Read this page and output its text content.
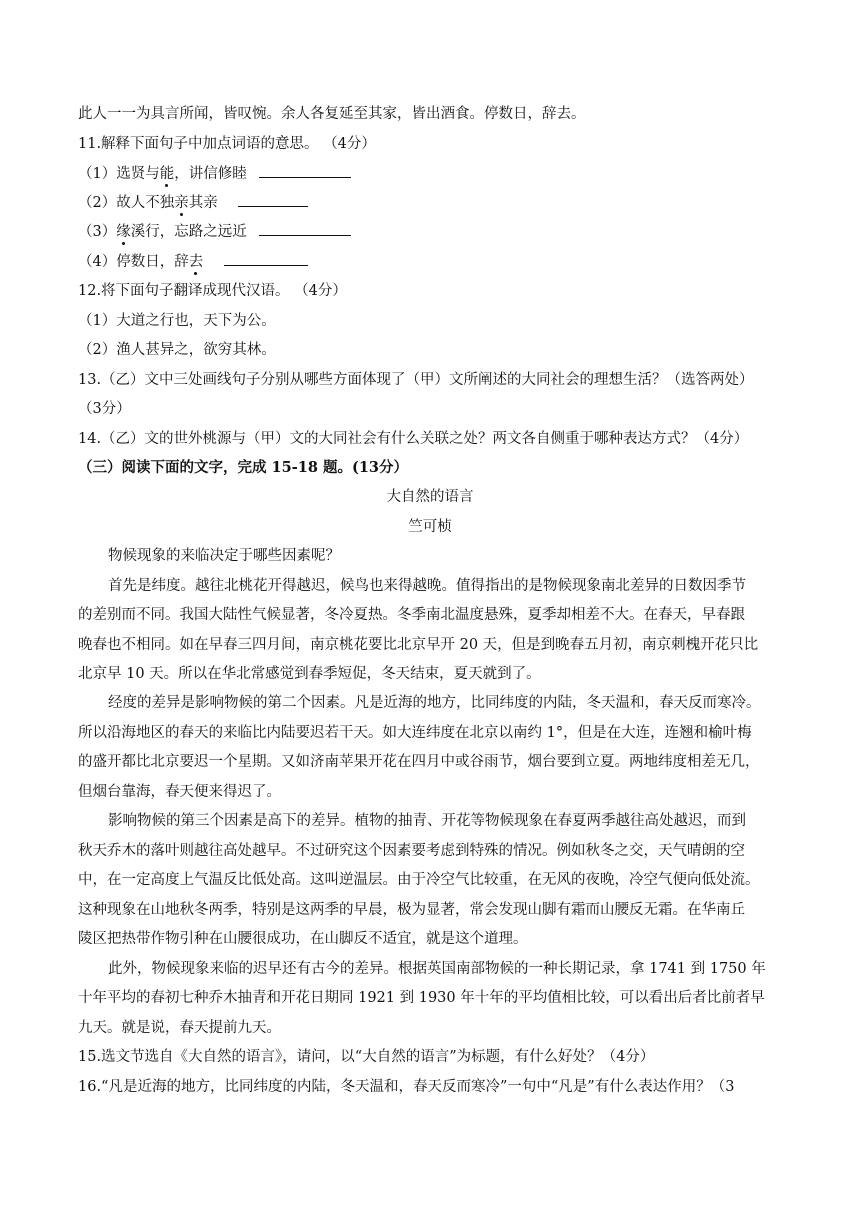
此人一一为具言所闻，皆叹惋。余人各复延至其家，皆出酒食。停数日，辞去。
11.解释下面句子中加点词语的意思。 （4分）
（1）选贤与能，讲信修睦
（2）故人不独亲其亲
（3）缘溪行，忘路之远近
（4）停数日，辞去
12.将下面句子翻译成现代汉语。 （4分）
（1）大道之行也，天下为公。
（2）渔人甚异之，欲穷其林。
13.（乙）文中三处画线句子分别从哪些方面体现了（甲）文所阐述的大同社会的理想生活？（选答两处）
（3分）
14.（乙）文的世外桃源与（甲）文的大同社会有什么关联之处？两文各自侧重于哪种表达方式？（4分）
（三）阅读下面的文字，完成 15-18 题。(13分）
大自然的语言
竺可桢
物候现象的来临决定于哪些因素呢？
首先是纬度。越往北桃花开得越迟，候鸟也来得越晚。值得指出的是物候现象南北差异的日数因季节
的差别而不同。我国大陆性气候显著，冬冷夏热。冬季南北温度悬殊，夏季却相差不大。在春天，早春跟
晚春也不相同。如在早春三四月间，南京桃花要比北京早开 20 天，但是到晚春五月初，南京刺槐开花只比
北京早 10 天。所以在华北常感觉到春季短促，冬天结束，夏天就到了。
经度的差异是影响物候的第二个因素。凡是近海的地方，比同纬度的内陆，冬天温和，春天反而寒冷。
所以沿海地区的春天的来临比内陆要迟若干天。如大连纬度在北京以南约 1°，但是在大连，连翘和榆叶梅
的盛开都比北京要迟一个星期。又如济南苹果开花在四月中或谷雨节，烟台要到立夏。两地纬度相差无几，
但烟台靠海，春天便来得迟了。
影响物候的第三个因素是高下的差异。植物的抽青、开花等物候现象在春夏两季越往高处越迟，而到
秋天乔木的落叶则越往高处越早。不过研究这个因素要考虑到特殊的情况。例如秋冬之交，天气晴朗的空
中，在一定高度上气温反比低处高。这叫逆温层。由于冷空气比较重，在无风的夜晚，冷空气便向低处流。
这种现象在山地秋冬两季，特别是这两季的早晨，极为显著，常会发现山脚有霜而山腰反无霜。在华南丘
陵区把热带作物引种在山腰很成功，在山脚反不适宜，就是这个道理。
此外，物候现象来临的迟早还有古今的差异。根据英国南部物候的一种长期记录，拿 1741 到 1750 年
十年平均的春初七种乔木抽青和开花日期同 1921 到 1930 年十年的平均值相比较，可以看出后者比前者早
九天。就是说，春天提前九天。
15.选文节选自《大自然的语言》，请问，以“大自然的语言”为标题，有什么好处？（4分）
16.“凡是近海的地方，比同纬度的内陆，冬天温和，春天反而寒冷”一句中“凡是”有什么表达作用？（3
